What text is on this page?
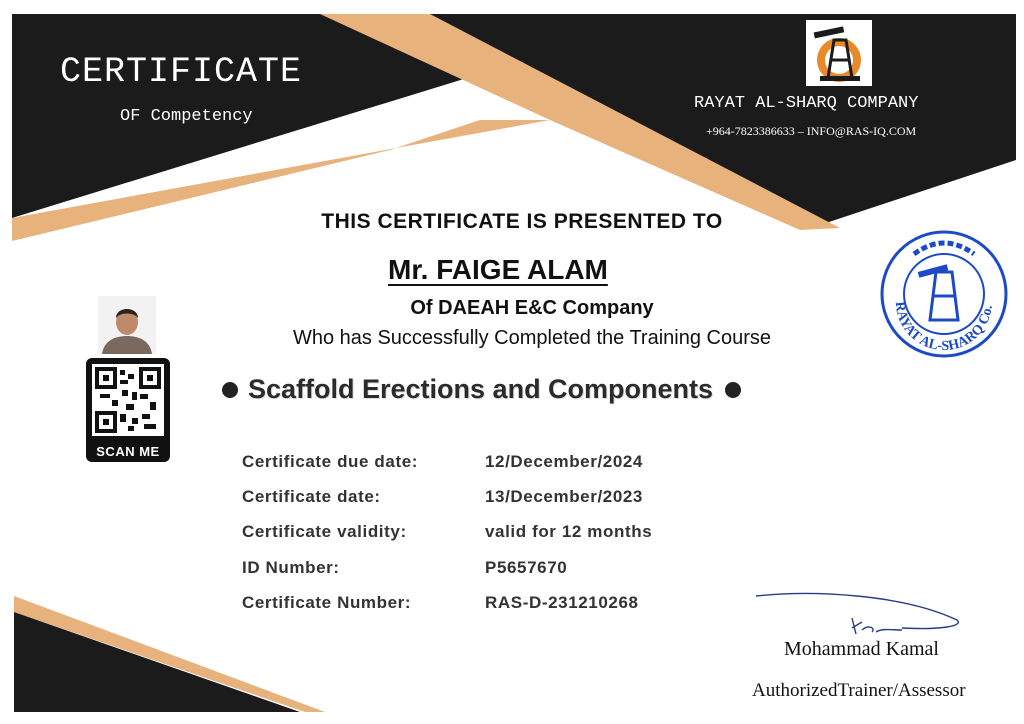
CERTIFICATE
OF Competency
RAYAT AL-SHARQ COMPANY
+964-7823386633 – INFO@RAS-IQ.COM
THIS CERTIFICATE IS PRESENTED TO
Mr. FAIGE ALAM
Of DAEAH E&C Company
Who has Successfully Completed the Training Course
Scaffold Erections and Components
SCAN ME
Certificate due date:	12/December/2024
Certificate date:	13/December/2023
Certificate validity:	valid for 12 months
ID Number:	P5657670
Certificate Number:	RAS-D-231210268
RAYAT AL-SHARQ Co.
Mohammad Kamal
AuthorizedTrainer/Assessor
